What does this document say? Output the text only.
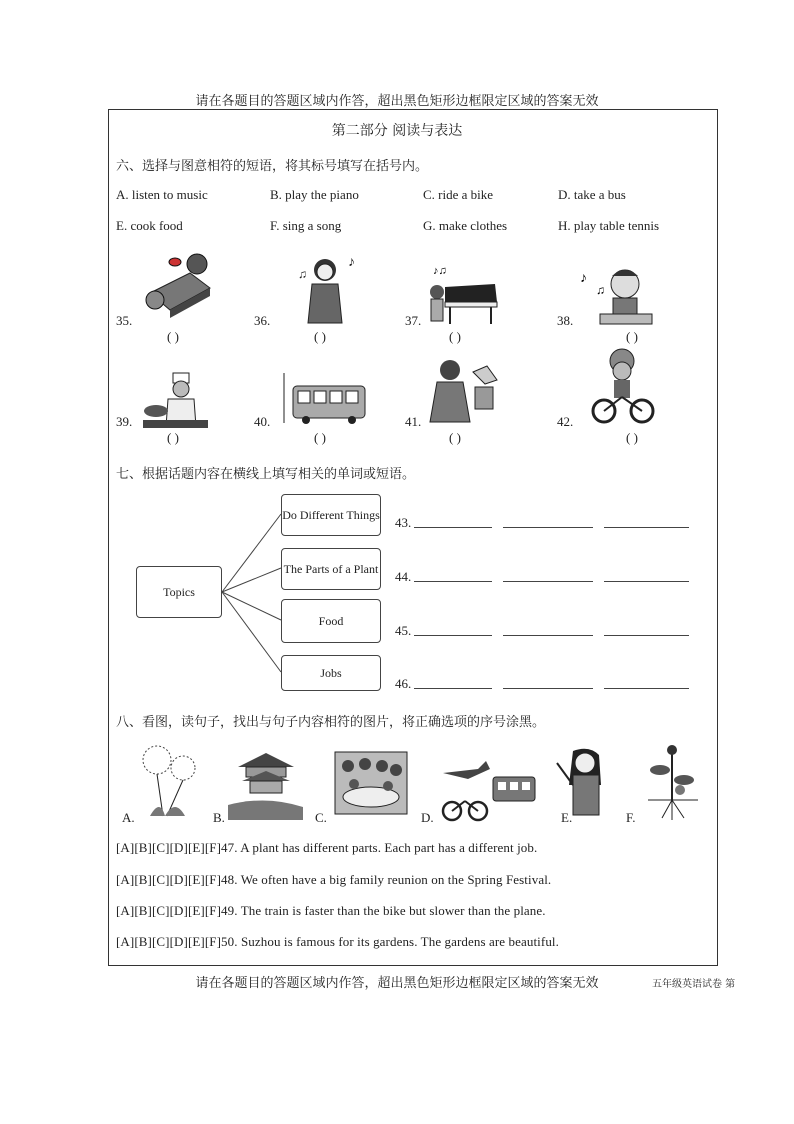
请在各题目的答题区域内作答，超出黑色矩形边框限定区域的答案无效
第二部分 阅读与表达
六、选择与图意相符的短语，将其标号填写在括号内。
A. listen to music	B. play the piano	C. ride a bike	D. take a bus
E. cook food	F. sing a song	G. make clothes	H. play table tennis
♪
♫	♪♫	♪
♫
35.	36.	37.	38.
( )	( )	( )	( )
39.	40.	41.	42.
( )	( )	( )	( )
七、根据话题内容在横线上填写相关的单词或短语。
Topics
Do Different Things
The Parts of a Plant
Food
Jobs
43.
44.
45.
46.
八、看图，读句子，找出与句子内容相符的图片，将正确选项的序号涂黑。
A.	B.	C.	D.	E.	F.
[A][B][C][D][E][F]47. A plant has different parts. Each part has a different job.
[A][B][C][D][E][F]48. We often have a big family reunion on the Spring Festival.
[A][B][C][D][E][F]49. The train is faster than the bike but slower than the plane.
[A][B][C][D][E][F]50. Suzhou is famous for its gardens. The gardens are beautiful.
请在各题目的答题区域内作答，超出黑色矩形边框限定区域的答案无效	五年级英语试卷 第
